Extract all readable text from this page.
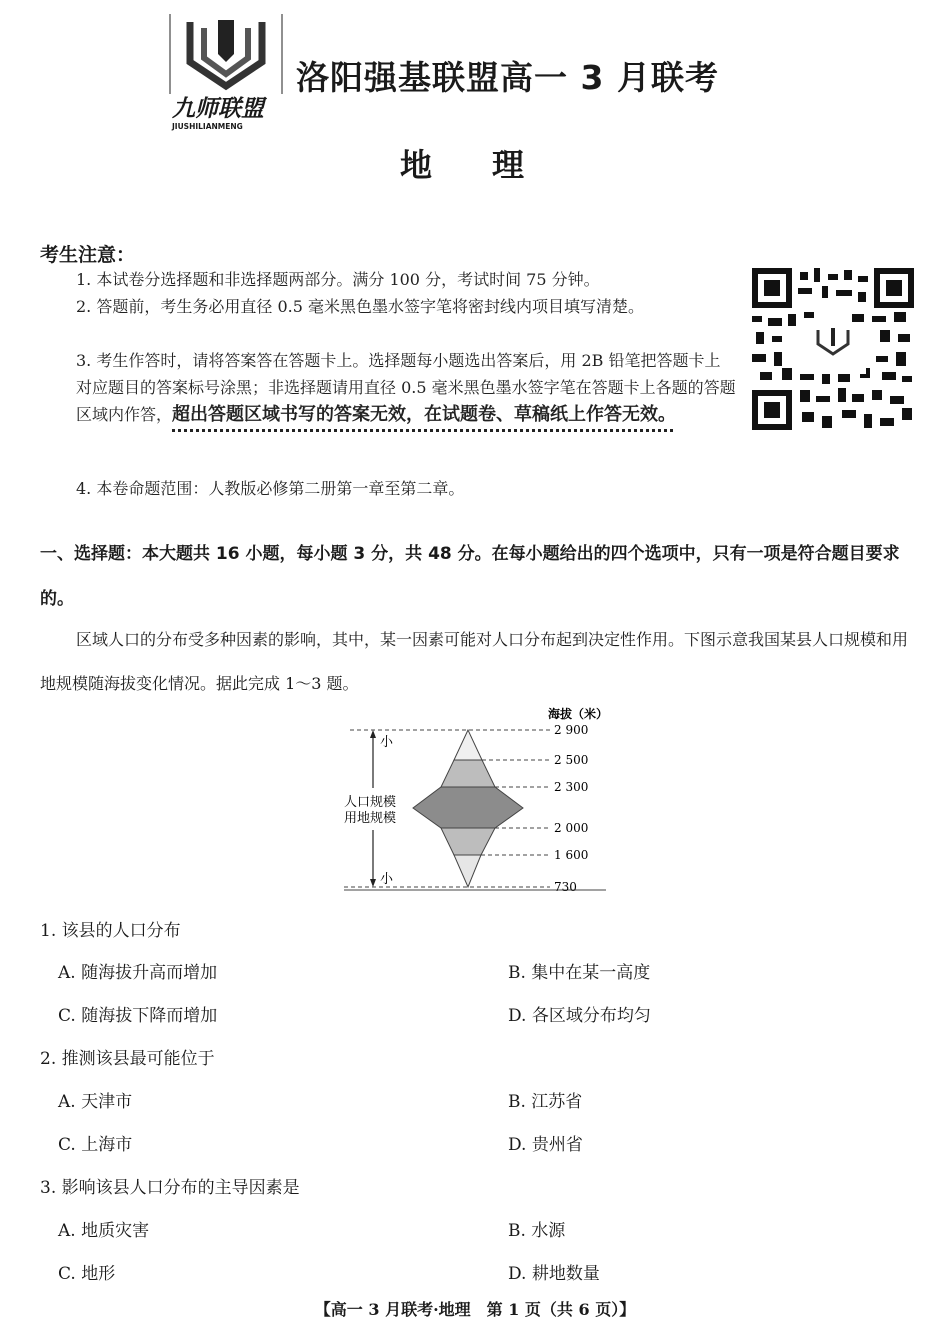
九师联盟
JIUSHILIANMENG
洛阳强基联盟高一 3 月联考
地理
考生注意：
1. 本试卷分选择题和非选择题两部分。满分 100 分，考试时间 75 分钟。
2. 答题前，考生务必用直径 0.5 毫米黑色墨水签字笔将密封线内项目填写清楚。
3. 考生作答时，请将答案答在答题卡上。选择题每小题选出答案后，用 2B 铅笔把答题卡上对应题目的答案标号涂黑；非选择题请用直径 0.5 毫米黑色墨水签字笔在答题卡上各题的答题区域内作答，超出答题区域书写的答案无效，在试题卷、草稿纸上作答无效。
4. 本卷命题范围：人教版必修第二册第一章至第二章。
一、选择题：本大题共 16 小题，每小题 3 分，共 48 分。在每小题给出的四个选项中，只有一项是符合题目要求的。
区域人口的分布受多种因素的影响，其中，某一因素可能对人口分布起到决定性作用。下图示意我国某县人口规模和用地规模随海拔变化情况。据此完成 1～3 题。
小
小
人口规模
用地规模
海拔（米）
2 900
2 500
2 300
2 000
1 600
730
1. 该县的人口分布
A. 随海拔升高而增加	B. 集中在某一高度
C. 随海拔下降而增加	D. 各区域分布均匀
2. 推测该县最可能位于
A. 天津市	B. 江苏省
C. 上海市	D. 贵州省
3. 影响该县人口分布的主导因素是
A. 地质灾害	B. 水源
C. 地形	D. 耕地数量
【高一 3 月联考·地理　第 1 页（共 6 页）】
